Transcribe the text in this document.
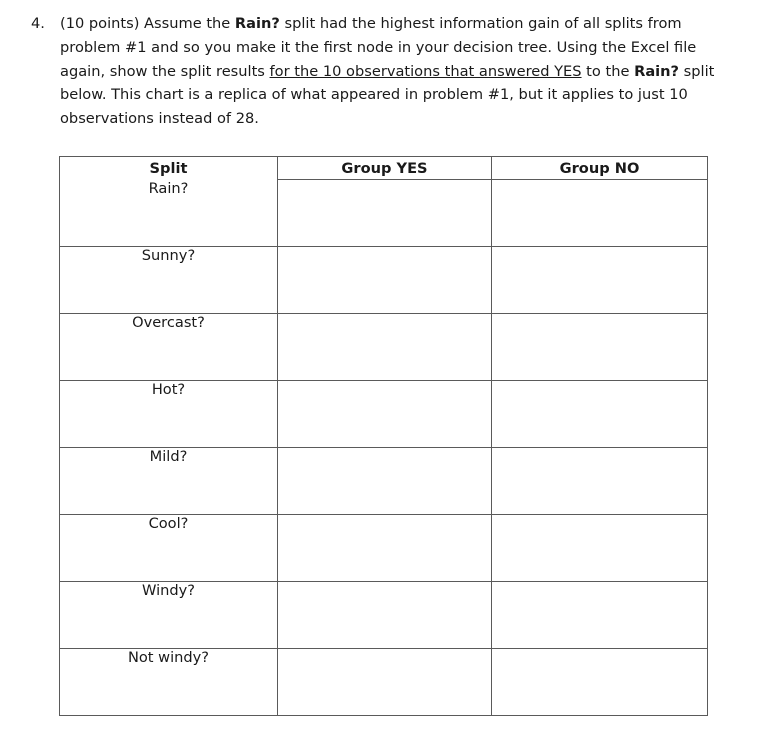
4. (10 points) Assume the Rain? split had the highest information gain of all splits from problem #1 and so you make it the first node in your decision tree. Using the Excel file again, show the split results for the 10 observations that answered YES to the Rain? split below. This chart is a replica of what appeared in problem #1, but it applies to just 10 observations instead of 28.
Split	Group YES	Group NO
Rain?		
Sunny?		
Overcast?		
Hot?		
Mild?		
Cool?		
Windy?		
Not windy?		
